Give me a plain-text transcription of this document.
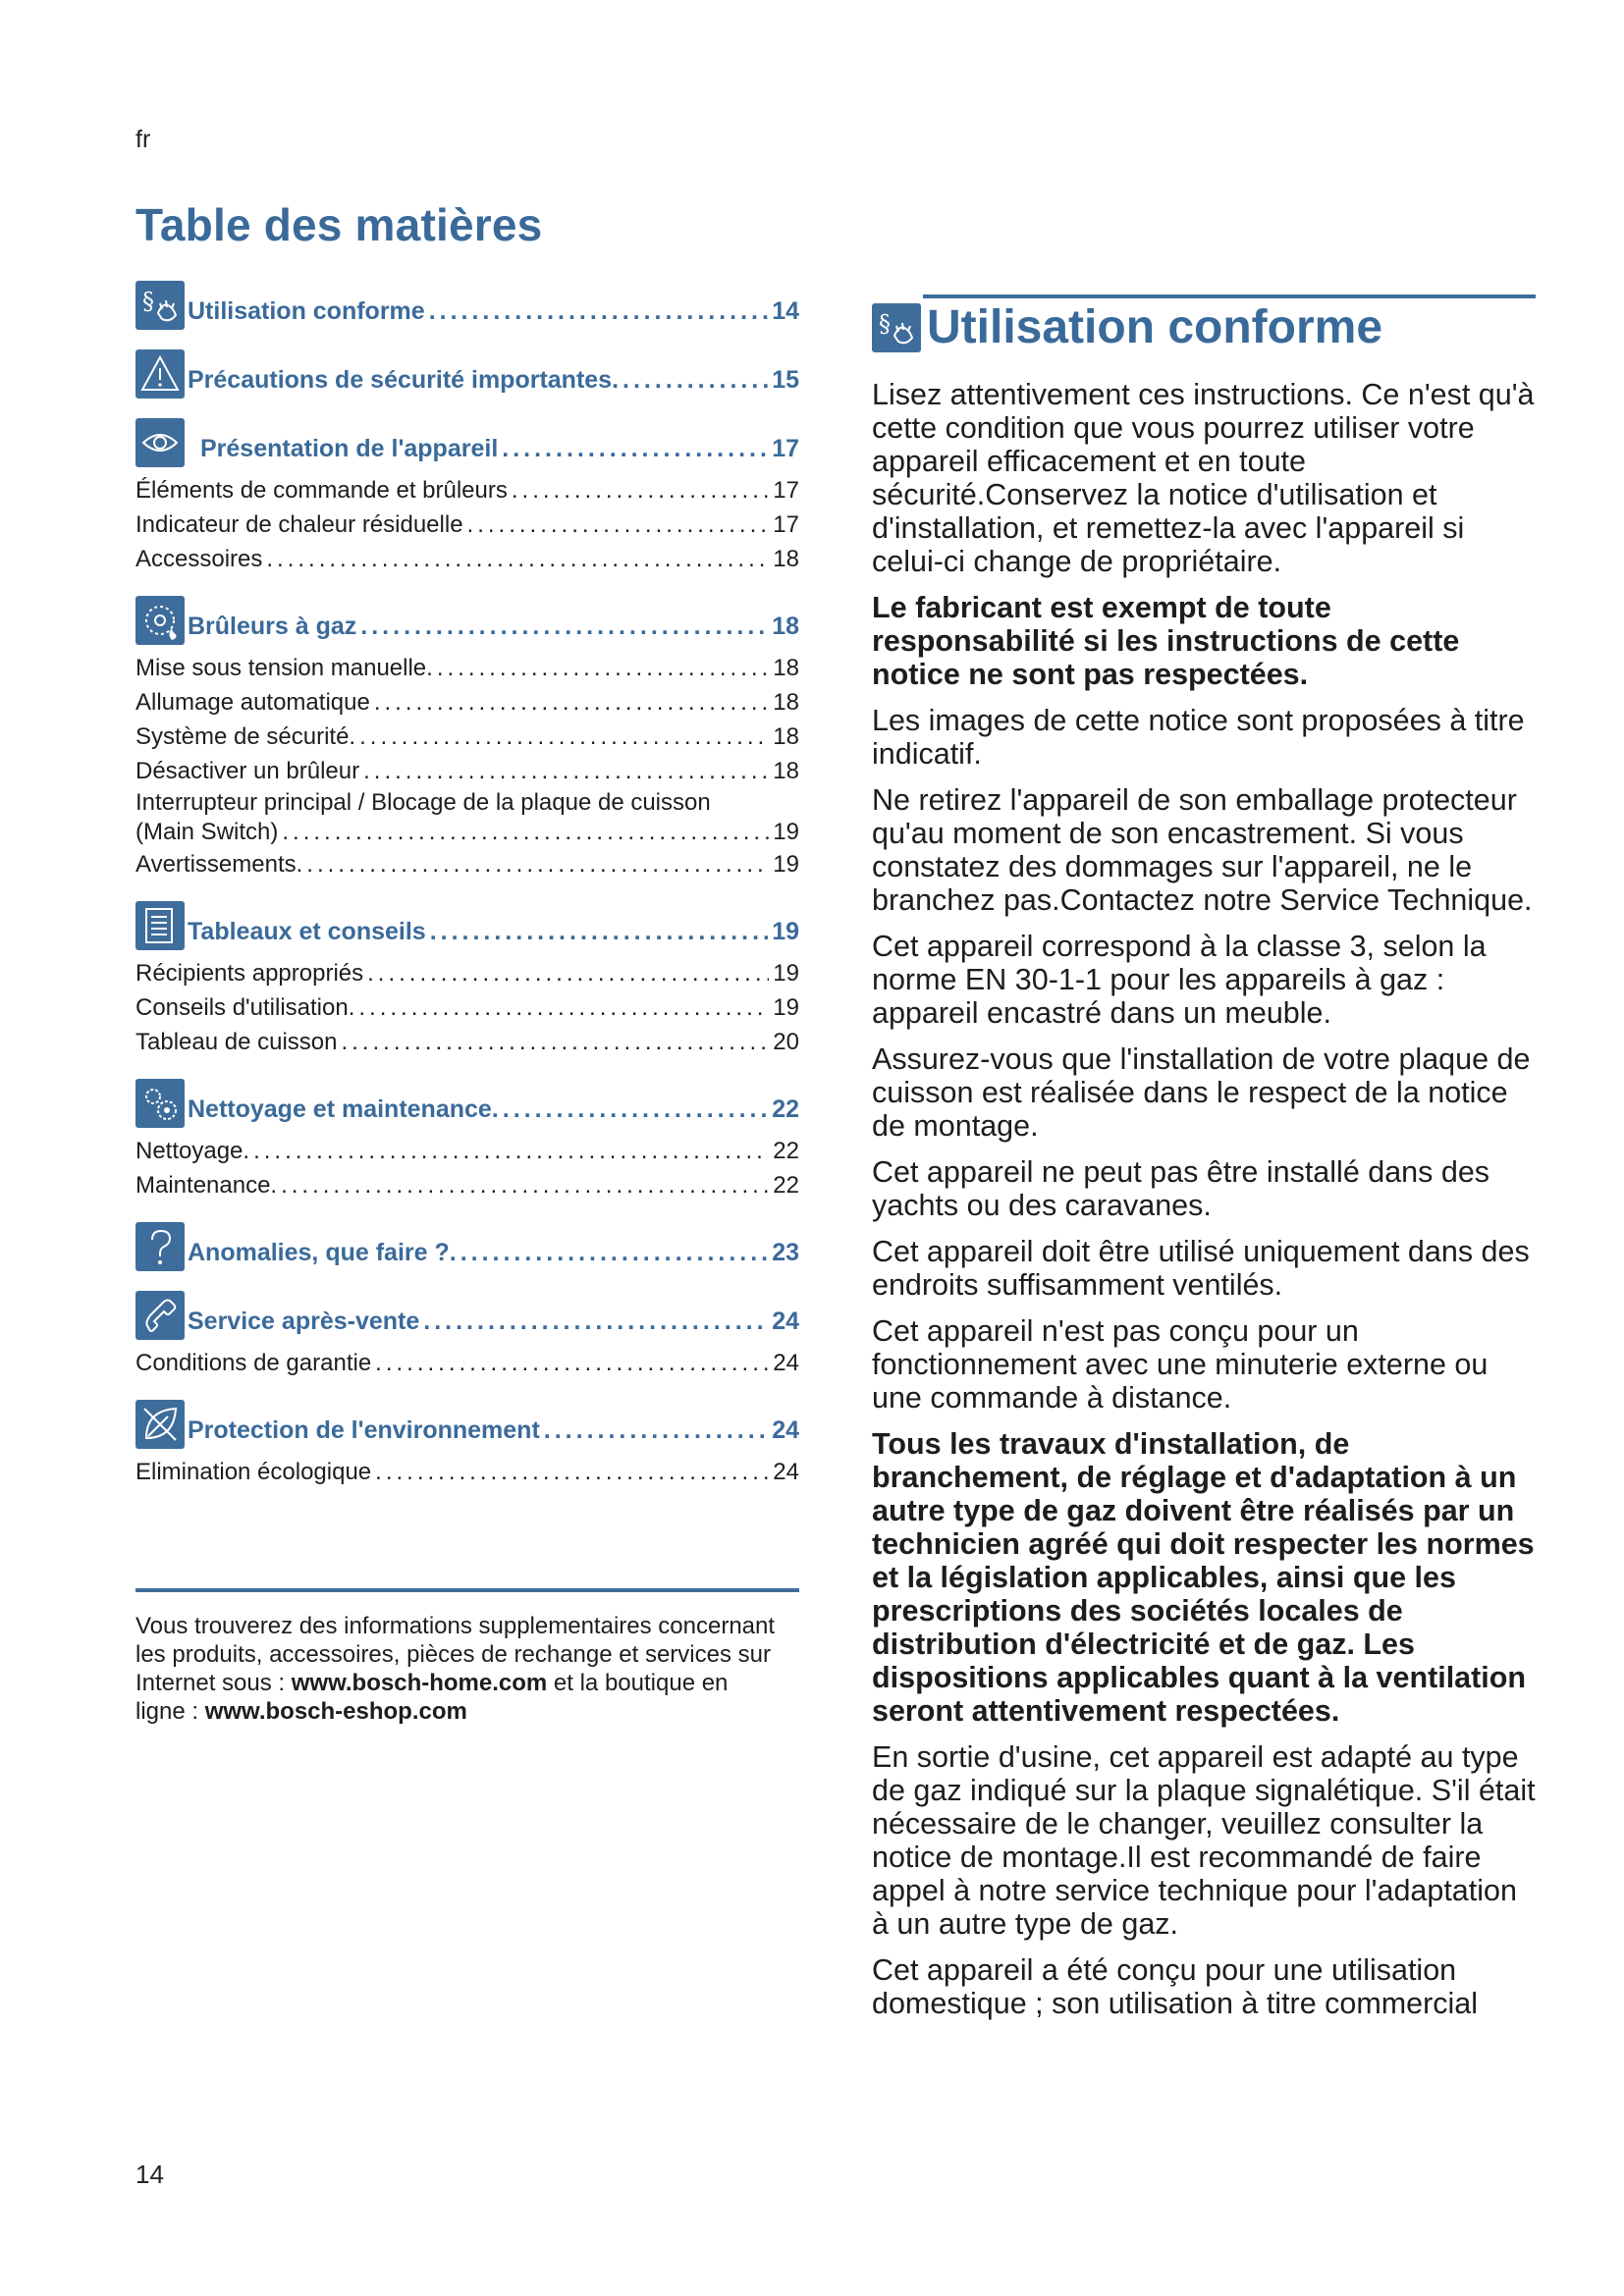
fr
Table des matières
§ Utilisation conforme .....	14
Précautions de sécurité importantes. .....	15
Présentation de l'appareil .....	17
Éléments de commande et brûleurs .....	17
Indicateur de chaleur résiduelle .....	17
Accessoires .....	18
Brûleurs à gaz .....	18
Mise sous tension manuelle. .....	18
Allumage automatique .....	18
Système de sécurité. .....	18
Désactiver un brûleur .....	18
Interrupteur principal / Blocage de la plaque de cuisson
(Main Switch) .....	19
Avertissements. .....	19
Tableaux et conseils .....	19
Récipients appropriés .....	19
Conseils d'utilisation. .....	19
Tableau de cuisson .....	20
Nettoyage et maintenance. .....	22
Nettoyage. .....	22
Maintenance. .....	22
Anomalies, que faire ?. .....	23
Service après-vente .....	24
Conditions de garantie .....	24
Protection de l'environnement .....	24
Elimination écologique .....	24
Vous trouverez des informations supplementaires concernant les produits, accessoires, pièces de rechange et services sur Internet sous : www.bosch-home.com et la boutique en ligne : www.bosch-eshop.com
§ Utilisation conforme

Lisez attentivement ces instructions. Ce n'est qu'à cette condition que vous pourrez utiliser votre appareil efficacement et en toute sécurité.Conservez la notice d'utilisation et d'installation, et remettez-la avec l'appareil si celui-ci change de propriétaire.

Le fabricant est exempt de toute responsabilité si les instructions de cette notice ne sont pas respectées.

Les images de cette notice sont proposées à titre indicatif.

Ne retirez l'appareil de son emballage protecteur qu'au moment de son encastrement. Si vous constatez des dommages sur l'appareil, ne le branchez pas.Contactez notre Service Technique.

Cet appareil correspond à la classe 3, selon la norme EN 30-1-1 pour les appareils à gaz : appareil encastré dans un meuble.

Assurez-vous que l'installation de votre plaque de cuisson est réalisée dans le respect de la notice de montage.

Cet appareil ne peut pas être installé dans des yachts ou des caravanes.

Cet appareil doit être utilisé uniquement dans des endroits suffisamment ventilés.

Cet appareil n'est pas conçu pour un fonctionnement avec une minuterie externe ou une commande à distance.

Tous les travaux d'installation, de branchement, de réglage et d'adaptation à un autre type de gaz doivent être réalisés par un technicien agréé qui doit respecter les normes et la législation applicables, ainsi que les prescriptions des sociétés locales de distribution d'électricité et de gaz. Les dispositions applicables quant à la ventilation seront attentivement respectées.

En sortie d'usine, cet appareil est adapté au type de gaz indiqué sur la plaque signalétique. S'il était nécessaire de le changer, veuillez consulter la notice de montage.Il est recommandé de faire appel à notre service technique pour l'adaptation à un autre type de gaz.

Cet appareil a été conçu pour une utilisation domestique ; son utilisation à titre commercial

14
